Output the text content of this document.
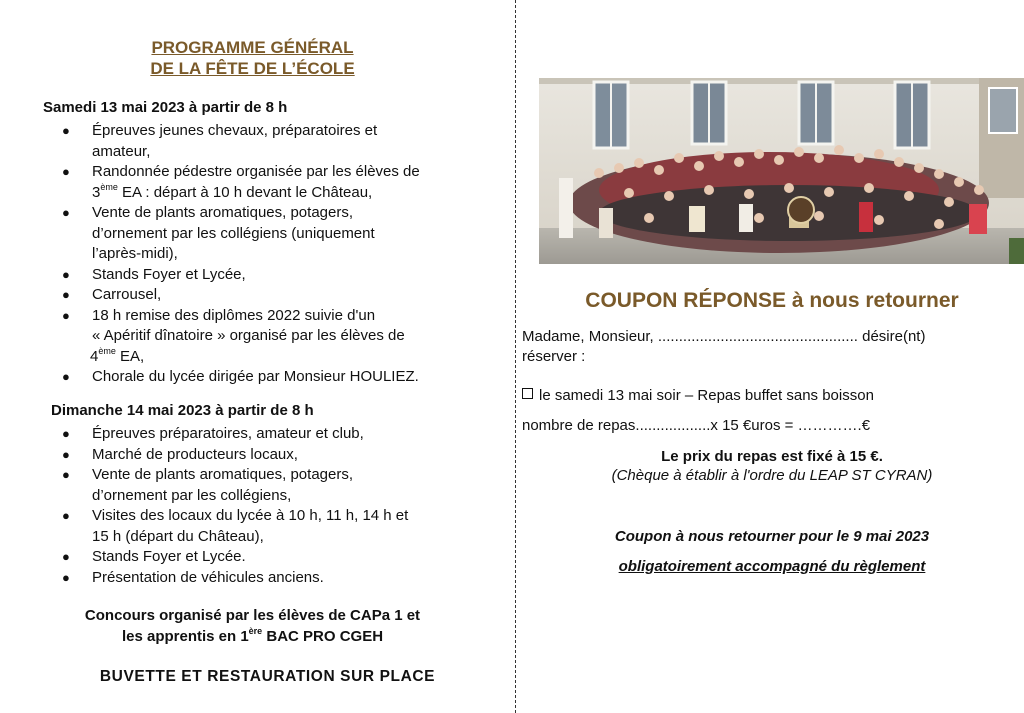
PROGRAMME GÉNÉRAL
DE LA FÊTE DE L’ÉCOLE
Samedi 13 mai 2023 à partir de 8 h
● Épreuves jeunes chevaux, préparatoires et
amateur,
● Randonnée pédestre organisée par les élèves de
3ème EA : départ à 10 h devant le Château,
● Vente de plants aromatiques, potagers,
d’ornement par les collégiens (uniquement
l’après-midi),
● Stands Foyer et Lycée,
● Carrousel,
● 18 h remise des diplômes 2022 suivie d'un
« Apéritif dînatoire » organisé par les élèves de
4ème EA,
● Chorale du lycée dirigée par Monsieur HOULIEZ.
Dimanche 14 mai 2023 à partir de 8 h
● Épreuves préparatoires, amateur et club,
● Marché de producteurs locaux,
● Vente de plants aromatiques, potagers,
d’ornement par les collégiens,
● Visites des locaux du lycée à 10 h, 11 h, 14 h et
15 h (départ du Château),
● Stands Foyer et Lycée.
● Présentation de véhicules anciens.
Concours organisé par les élèves de CAPa 1 et
les apprentis en 1ère BAC PRO CGEH
BUVETTE ET RESTAURATION SUR PLACE
COUPON RÉPONSE à nous retourner
Madame, Monsieur, ................................................ désire(nt)
réserver :
le samedi 13 mai soir – Repas buffet sans boisson
nombre de repas..................x 15 €uros = ………….€
Le prix du repas est fixé à 15 €.
(Chèque à établir à l'ordre du LEAP ST CYRAN)
Coupon à nous retourner pour le 9 mai 2023
obligatoirement accompagné du règlement
